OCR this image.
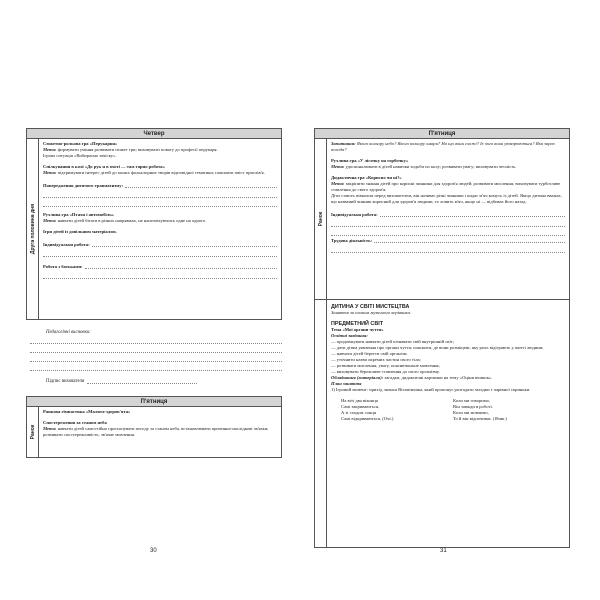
Четвер
Друга половина дня
Сюжетно-рольова гра «Перукарня»
Мета: формувати уміння розвивати сюжет гри; виховувати повагу до професії перукаря.
Ігрова ситуація «Вибираємо зачіску».
Спілкування в колі «До рук и в охоті — там гарно робота»
Мета: підтримувати інтерес дітей до малих фольклорних творів відповідної тематики; пояснити зміст прислів'я.
Попередження дитячого травматизму:
Рухлива гра «Птахи і автомобіль»
Мета: навчати дітей бігати в різних напрямках, не наштовхуючись одне на одного.
Ігри дітей із довільним матеріалом.
Індивідуальна робота:
Робота з батьками:
Педагогічні висновки:
Підпис вихователя
П'ятниця
Ранок
Ранкова гімнастика «Малята-здоров'ята»
Спостереження за станом неба
Мета: навчати дітей самостійно прогнозувати погоду за станом неба, встановлювати причинно-наслідкові зв'язки; розвивати спостережливість, зв'язне мовлення.
30
П'ятниця
Ранок
Запитання: Якого кольору небо? Якого кольору хмари? На що вони схожі? Із чого вони утворюються? Яка зараз погода?
Рухлива гра «У лісочку на горбочку»
Мета: удосконалювати в дітей навички ходьби по колу; розвивати увагу; виховувати чесність.
Дидактична гра «Корисно чи ні?»
Мета: закріпити знання дітей про корисні чинники для здоров'я людей; розвивати мислення; виховувати турботливе ставлення до свого здоров'я.
Діти стають півколом перед вихователем, він називає різні чинники і кидає м'яч комусь із дітей. Якщо дитина вважає, що названий чинник корисний для здоров'я людини, то ловить м'яч, якщо ні — відбиває його назад.
Індивідуальна робота:
Трудова діяльність:
ДИТИНА У СВІТІ МИСТЕЦТВА
Заняття за планом музичного керівника.
ПРЕДМЕТНИЙ СВІТ
Тема «Мої органи чуття»
Освітні завдання:
— продовжувати навчати дітей пізнавати свій внутрішній світ;
— дати дітям уявлення про органи чуття; пояснити, де вони розміщені, яку роль відіграють у житті людини;
— навчати дітей берегти свій організм.
— уточнити назви окремих частин свого тіла;
— розвивати мислення, увагу, пояснювальне мовлення;
— виховувати бережливе ставлення до свого організму.
Обладнання (матеріали): загадки, дидактичні картинки на тему «Оціни вчинок».
План заняття
1) Ігровий момент: прихід ляльки Вітамінчика, який пропонує розгадати загадки з чарівної скриньки.

На віті два віконця

Самі закриваються,

А зі сходом сонця

Самі відкриваються. (Очі.)

Коли ми говоримо,

Він завжди в роботі.

Коли ми мовчимо,

То й він відпочиває. (Язик.)

31
